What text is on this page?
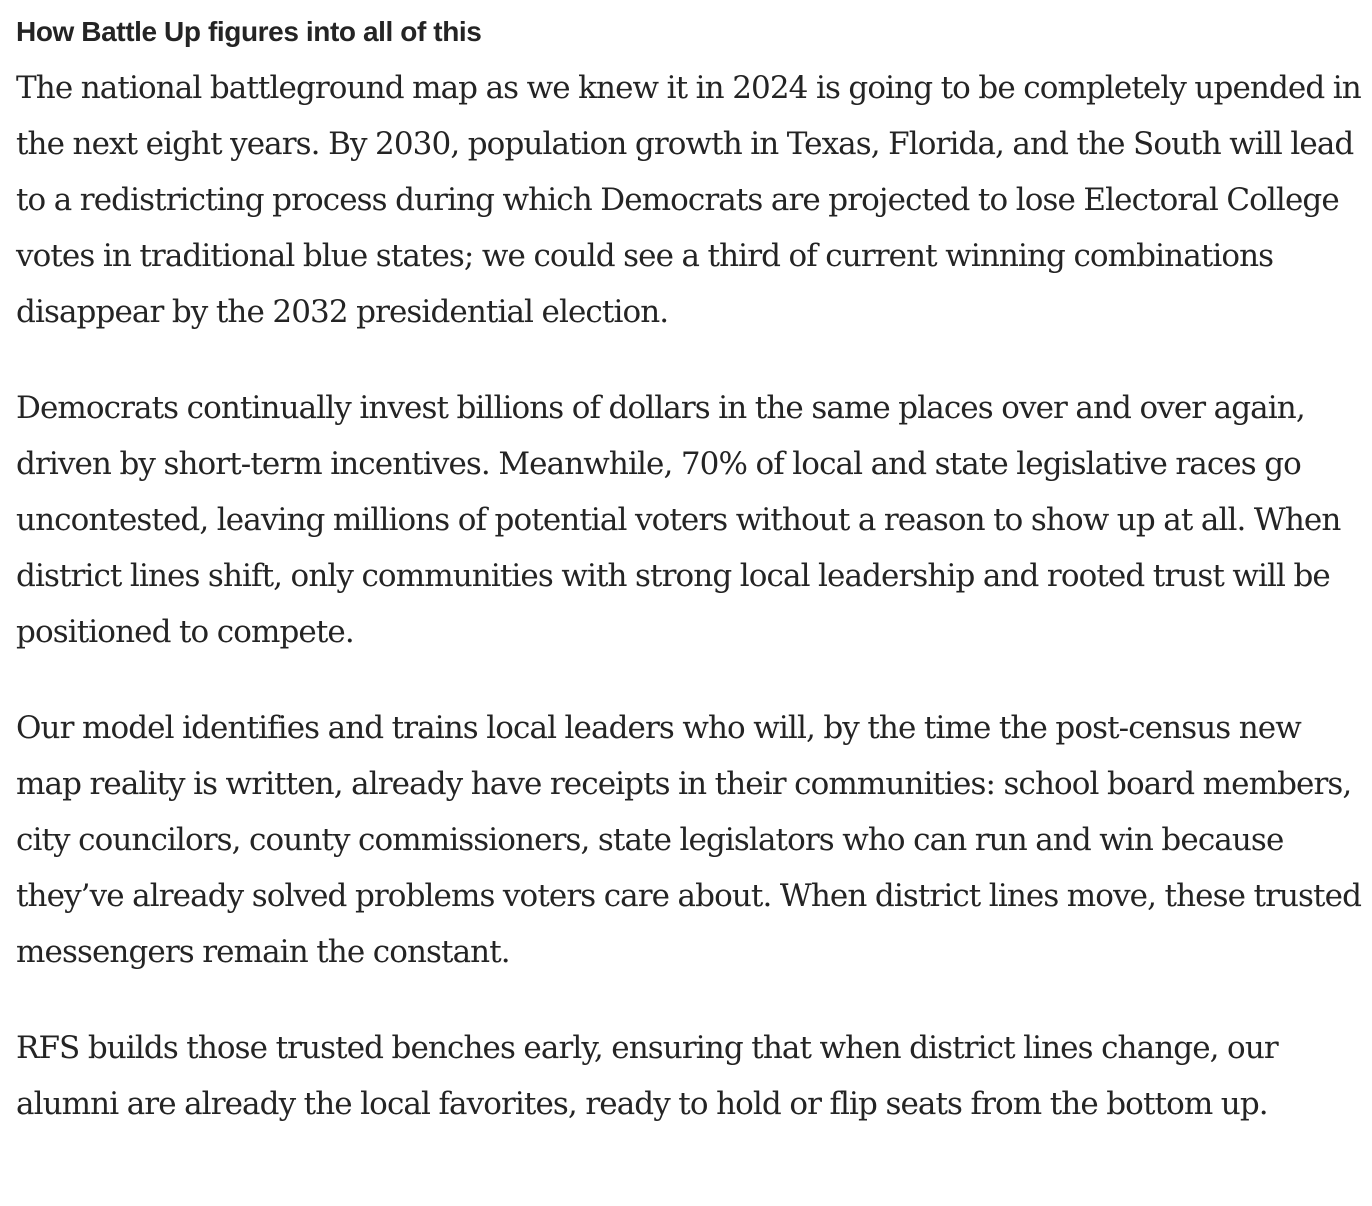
How Battle Up figures into all of this

The national battleground map as we knew it in 2024 is going to be completely upended in the next eight years. By 2030, population growth in Texas, Florida, and the South will lead to a redistricting process during which Democrats are projected to lose Electoral College votes in traditional blue states; we could see a third of current winning combinations disappear by the 2032 presidential election.

Democrats continually invest billions of dollars in the same places over and over again, driven by short-term incentives. Meanwhile, 70% of local and state legislative races go uncontested, leaving millions of potential voters without a reason to show up at all. When district lines shift, only communities with strong local leadership and rooted trust will be positioned to compete.

Our model identifies and trains local leaders who will, by the time the post-census new map reality is written, already have receipts in their communities: school board members, city councilors, county commissioners, state legislators who can run and win because they’ve already solved problems voters care about. When district lines move, these trusted messengers remain the constant.

RFS builds those trusted benches early, ensuring that when district lines change, our alumni are already the local favorites, ready to hold or flip seats from the bottom up.
